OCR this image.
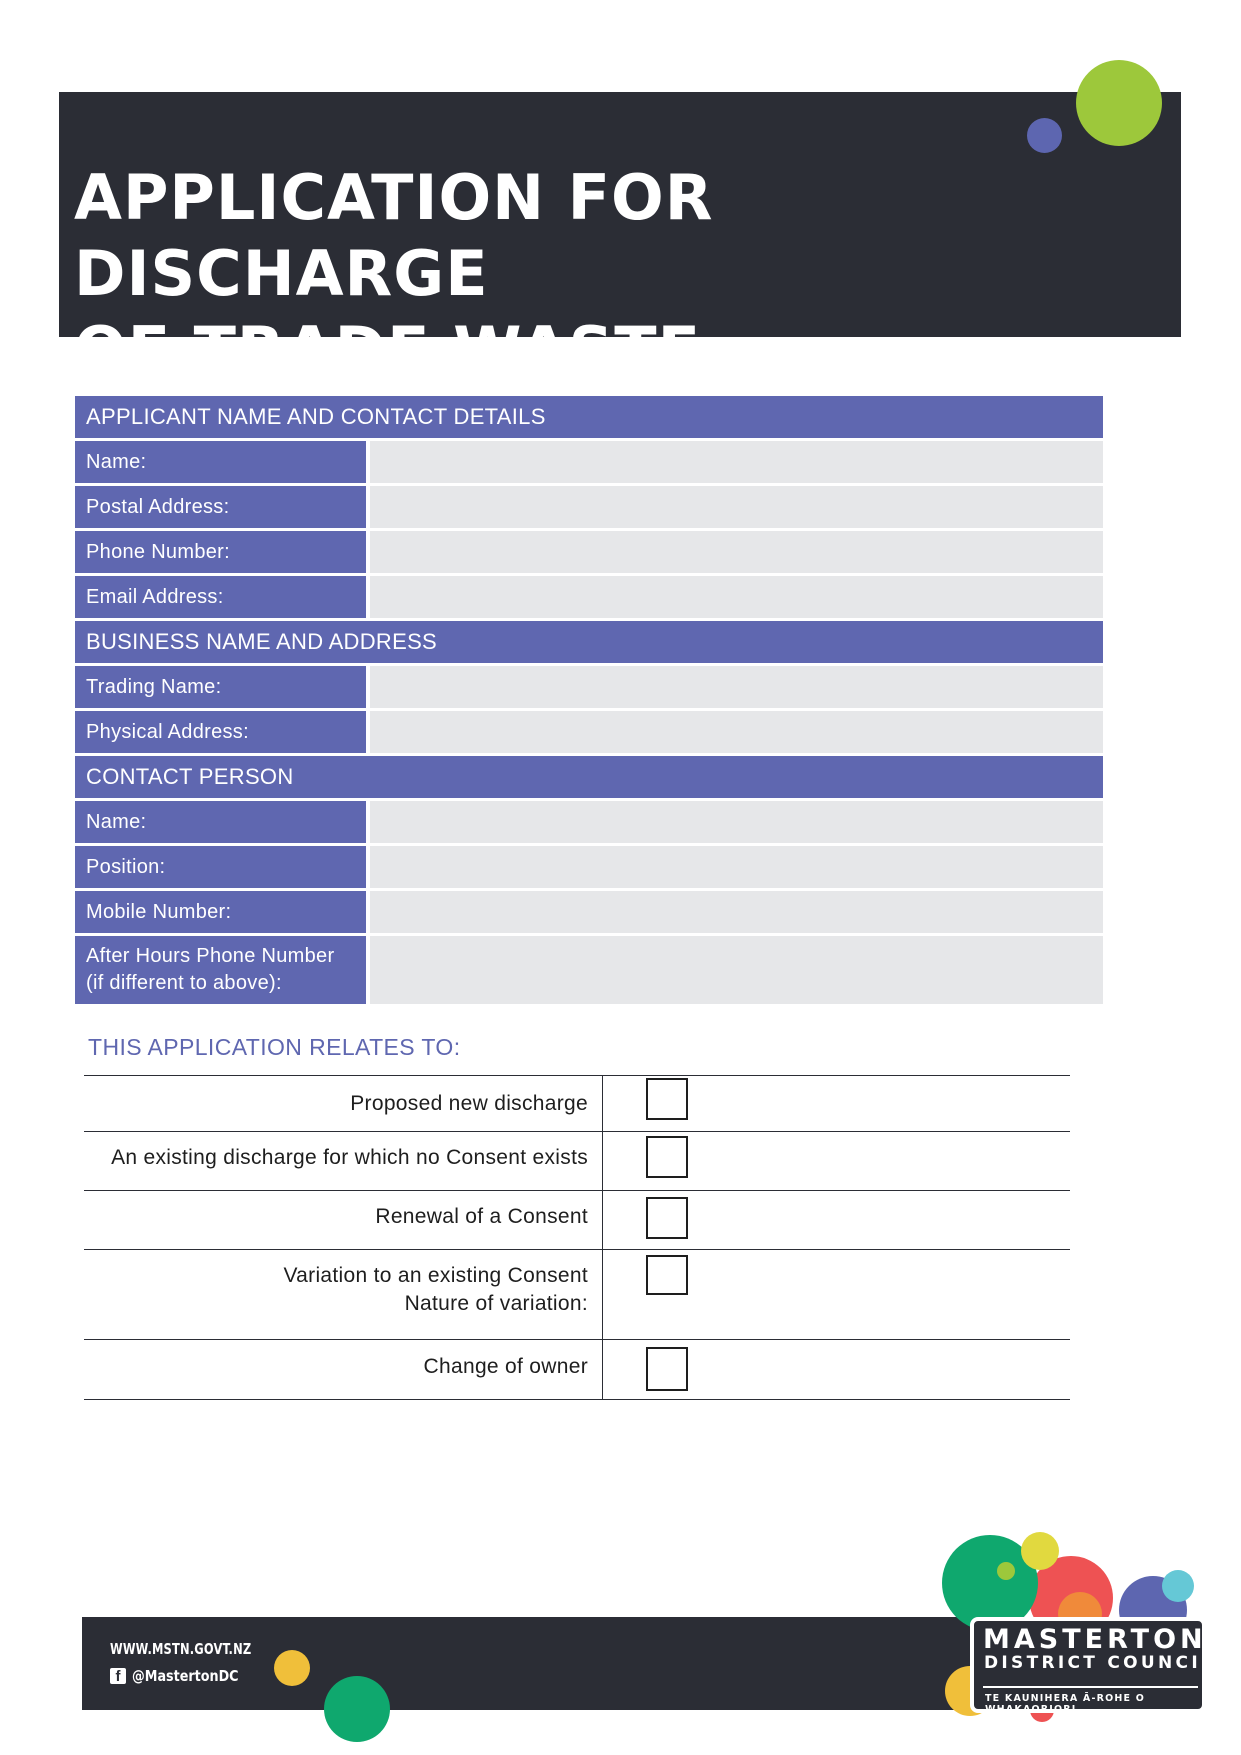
APPLICATION FOR DISCHARGE
OF TRADE WASTE
APPLICANT NAME AND CONTACT DETAILS
Name:
Postal Address:
Phone Number:
Email Address:
BUSINESS NAME AND ADDRESS
Trading Name:
Physical Address:
CONTACT PERSON
Name:
Position:
Mobile Number:
After Hours Phone Number
(if different to above):
THIS APPLICATION RELATES TO:
Proposed new discharge
An existing discharge for which no Consent exists
Renewal of a Consent
Variation to an existing Consent
Nature of variation:
Change of owner
WWW.MSTN.GOVT.NZ
f @MastertonDC
MASTERTON
DISTRICT COUNCIL
TE KAUNIHERA Ā-ROHE O WHAKAORIORI
